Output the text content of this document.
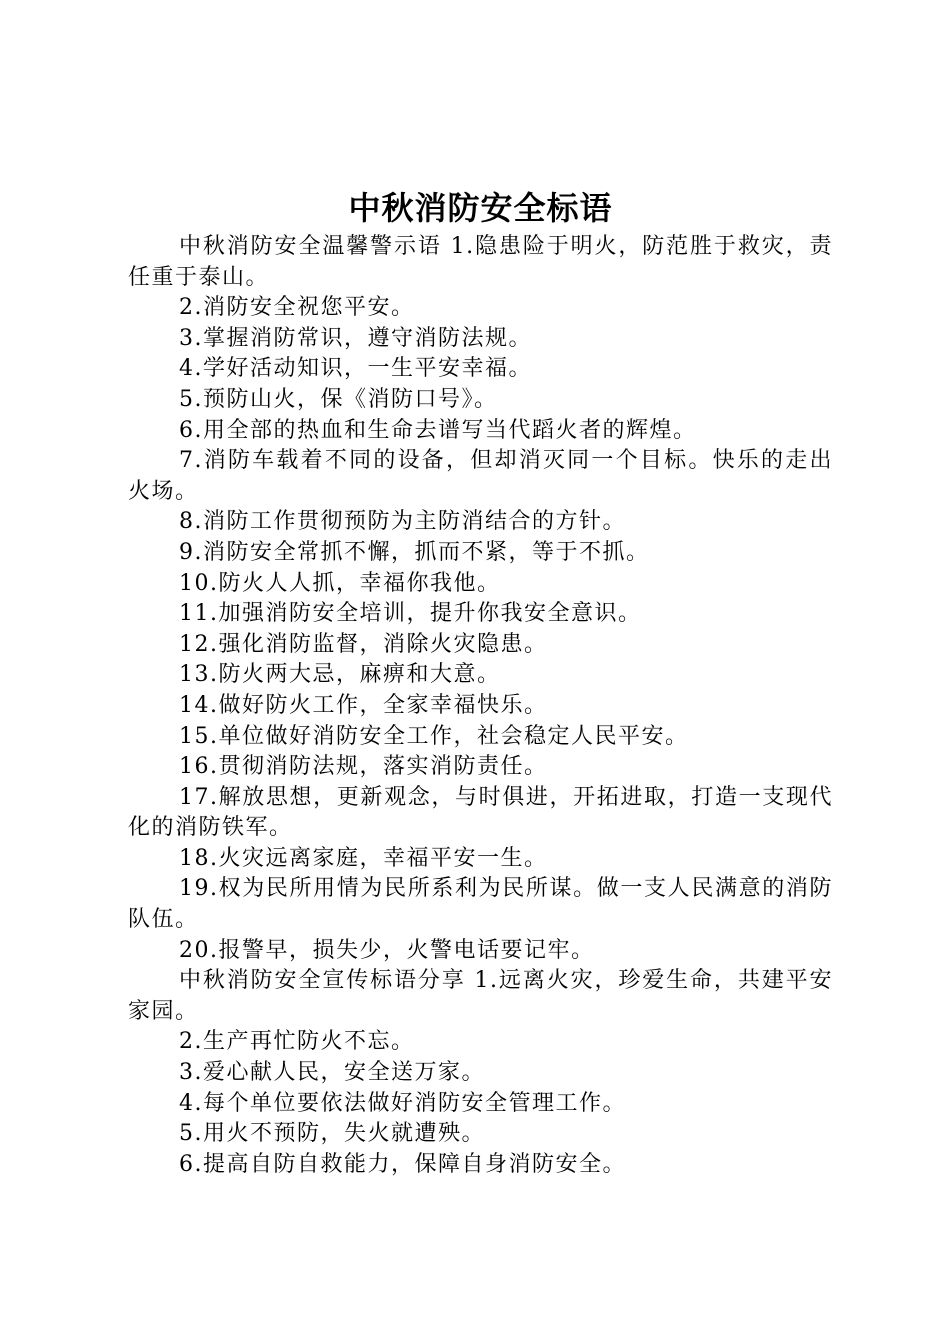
中秋消防安全标语

中秋消防安全温馨警示语 1.隐患险于明火，防范胜于救灾，责任重于泰山。

2.消防安全祝您平安。

3.掌握消防常识，遵守消防法规。

4.学好活动知识，一生平安幸福。

5.预防山火，保《消防口号》。

6.用全部的热血和生命去谱写当代蹈火者的辉煌。

7.消防车载着不同的设备，但却消灭同一个目标。快乐的走出火场。

8.消防工作贯彻预防为主防消结合的方针。

9.消防安全常抓不懈，抓而不紧，等于不抓。

10.防火人人抓，幸福你我他。

11.加强消防安全培训，提升你我安全意识。

12.强化消防监督，消除火灾隐患。

13.防火两大忌，麻痹和大意。

14.做好防火工作，全家幸福快乐。

15.单位做好消防安全工作，社会稳定人民平安。

16.贯彻消防法规，落实消防责任。

17.解放思想，更新观念，与时俱进，开拓进取，打造一支现代化的消防铁军。

18.火灾远离家庭，幸福平安一生。

19.权为民所用情为民所系利为民所谋。做一支人民满意的消防队伍。

20.报警早，损失少，火警电话要记牢。

中秋消防安全宣传标语分享 1.远离火灾，珍爱生命，共建平安家园。

2.生产再忙防火不忘。

3.爱心献人民，安全送万家。

4.每个单位要依法做好消防安全管理工作。

5.用火不预防，失火就遭殃。

6.提高自防自救能力，保障自身消防安全。
